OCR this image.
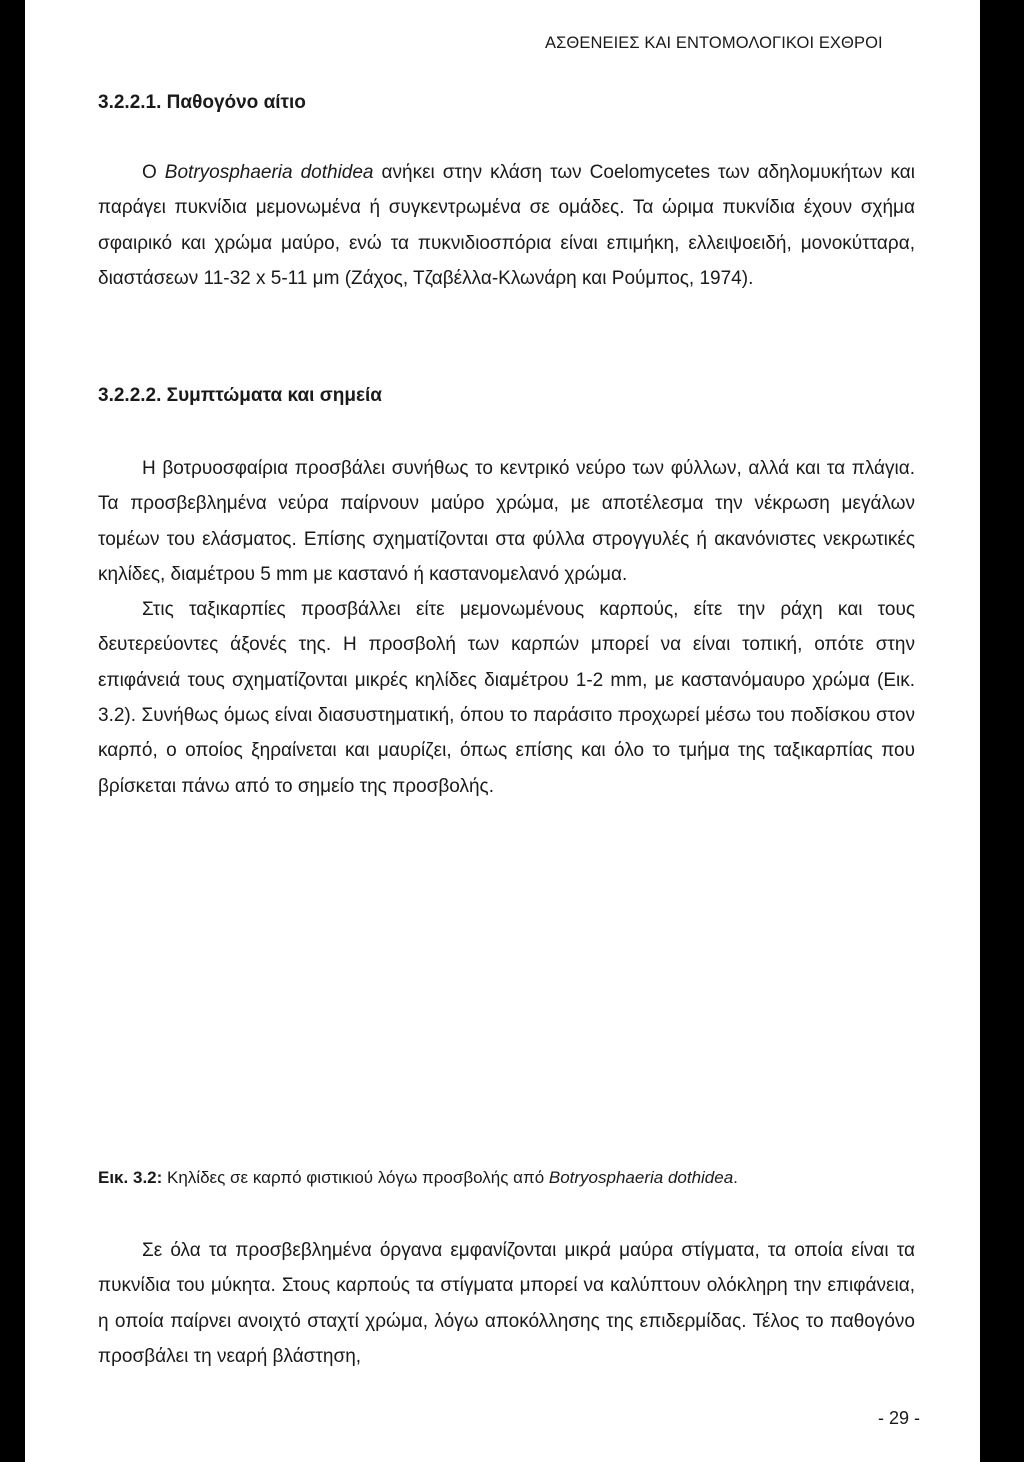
ΑΣΘΕΝΕΙΕΣ ΚΑΙ ΕΝΤΟΜΟΛΟΓΙΚΟΙ ΕΧΘΡΟΙ
3.2.2.1. Παθογόνο αίτιο

Ο Botryosphaeria dothidea ανήκει στην κλάση των Coelomycetes των αδηλομυκήτων και παράγει πυκνίδια μεμονωμένα ή συγκεντρωμένα σε ομάδες. Τα ώριμα πυκνίδια έχουν σχήμα σφαιρικό και χρώμα μαύρο, ενώ τα πυκνιδιοσπόρια είναι επιμήκη, ελλειψοειδή, μονοκύτταρα, διαστάσεων 11-32 x 5-11 μm (Ζάχος, Τζαβέλλα-Κλωνάρη και Ρούμπος, 1974).

3.2.2.2. Συμπτώματα και σημεία

Η βοτρυοσφαίρια προσβάλει συνήθως το κεντρικό νεύρο των φύλλων, αλλά και τα πλάγια. Τα προσβεβλημένα νεύρα παίρνουν μαύρο χρώμα, με αποτέλεσμα την νέκρωση μεγάλων τομέων του ελάσματος. Επίσης σχηματίζονται στα φύλλα στρογγυλές ή ακανόνιστες νεκρωτικές κηλίδες, διαμέτρου 5 mm με καστανό ή καστανομελανό χρώμα.

Στις ταξικαρπίες προσβάλλει είτε μεμονωμένους καρπούς, είτε την ράχη και τους δευτερεύοντες άξονές της. Η προσβολή των καρπών μπορεί να είναι τοπική, οπότε στην επιφάνειά τους σχηματίζονται μικρές κηλίδες διαμέτρου 1-2 mm, με καστανόμαυρο χρώμα (Εικ. 3.2). Συνήθως όμως είναι διασυστηματική, όπου το παράσιτο προχωρεί μέσω του ποδίσκου στον καρπό, ο οποίος ξηραίνεται και μαυρίζει, όπως επίσης και όλο το τμήμα της ταξικαρπίας που βρίσκεται πάνω από το σημείο της προσβολής.

Εικ. 3.2: Κηλίδες σε καρπό φιστικιού λόγω προσβολής από Botryosphaeria dothidea.

Σε όλα τα προσβεβλημένα όργανα εμφανίζονται μικρά μαύρα στίγματα, τα οποία είναι τα πυκνίδια του μύκητα. Στους καρπούς τα στίγματα μπορεί να καλύπτουν ολόκληρη την επιφάνεια, η οποία παίρνει ανοιχτό σταχτί χρώμα, λόγω αποκόλλησης της επιδερμίδας. Τέλος το παθογόνο προσβάλει τη νεαρή βλάστηση,

- 29 -
